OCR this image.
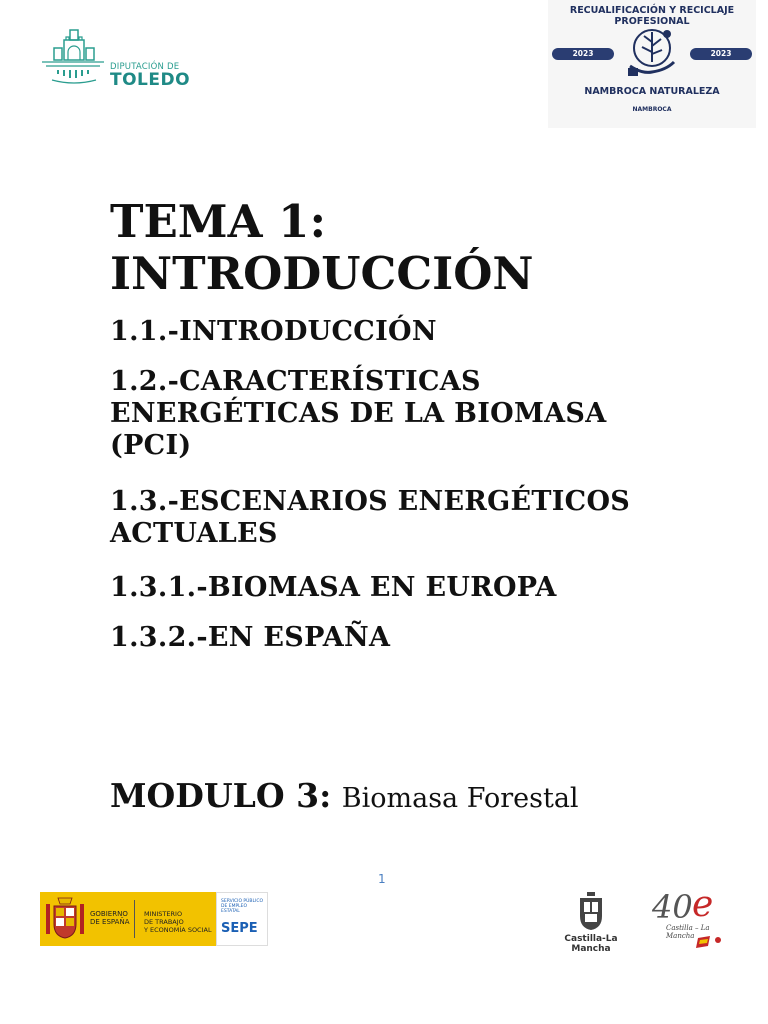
DIPUTACIÓN DE
TOLEDO
RECUALIFICACIÓN Y RECICLAJE PROFESIONAL
2023	2023
NAMBROCA NATURALEZA
NAMBROCA
TEMA 1: INTRODUCCIÓN
1.1.-INTRODUCCIÓN
1.2.-CARACTERÍSTICAS ENERGÉTICAS DE LA BIOMASA (PCI)
1.3.-ESCENARIOS ENERGÉTICOS ACTUALES
1.3.1.-BIOMASA EN EUROPA
1.3.2.-EN ESPAÑA
MODULO 3: Biomasa Forestal
1
GOBIERNO
DE ESPAÑA
MINISTERIO
DE TRABAJO
Y ECONOMÍA SOCIAL
SERVICIO PÚBLICO
DE EMPLEO ESTATAL
SEPE
Castilla-La Mancha
40 e
Castilla – La Mancha
